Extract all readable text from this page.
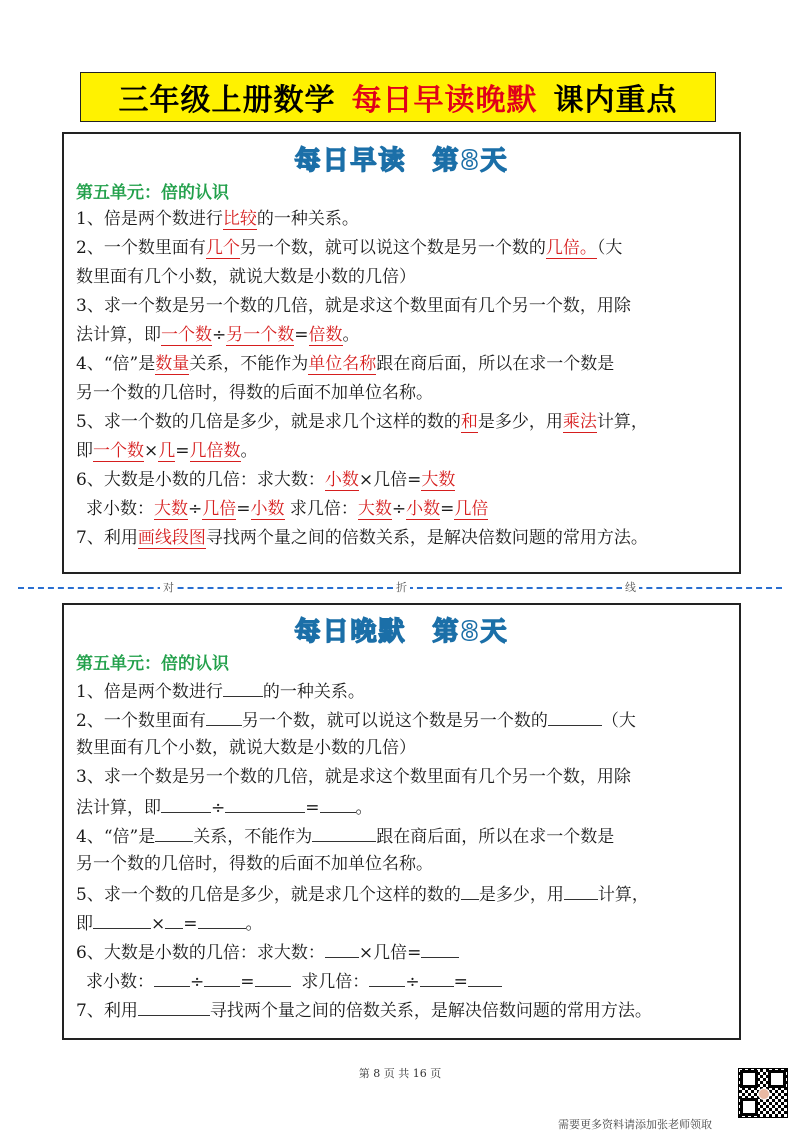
三年级上册数学 每日早读晚默 课内重点
每日早读 第8天
第五单元：倍的认识
1、倍是两个数进行比较的一种关系。
2、一个数里面有几个另一个数，就可以说这个数是另一个数的几倍。（大
数里面有几个小数，就说大数是小数的几倍）
3、求一个数是另一个数的几倍，就是求这个数里面有几个另一个数，用除
法计算，即一个数÷另一个数=倍数。
4、“倍”是数量关系，不能作为单位名称跟在商后面，所以在求一个数是
另一个数的几倍时，得数的后面不加单位名称。
5、求一个数的几倍是多少，就是求几个这样的数的和是多少，用乘法计算，
即一个数×几=几倍数。
6、大数是小数的几倍：求大数：小数×几倍=大数
求小数：大数÷几倍=小数 求几倍：大数÷小数=几倍
7、利用画线段图寻找两个量之间的倍数关系，是解决倍数问题的常用方法。
对	折	线
每日晚默 第8天
第五单元：倍的认识
1、倍是两个数进行 的一种关系。
2、一个数里面有 另一个数，就可以说这个数是另一个数的	（大
数里面有几个小数，就说大数是小数的几倍）
3、求一个数是另一个数的几倍，就是求这个数里面有几个另一个数，用除
法计算，即	÷	= 。
4、“倍”是 关系，不能作为	跟在商后面，所以在求一个数是
另一个数的几倍时，得数的后面不加单位名称。
5、求一个数的几倍是多少，就是求几个这样的数的 是多少，用 计算，
即	× =	。
6、大数是小数的几倍：求大数： ×几倍=
求小数： ÷ =	求几倍： ÷ =
7、利用	寻找两个量之间的倍数关系，是解决倍数问题的常用方法。
第 8 页 共 16 页
需要更多资料请添加张老师领取
